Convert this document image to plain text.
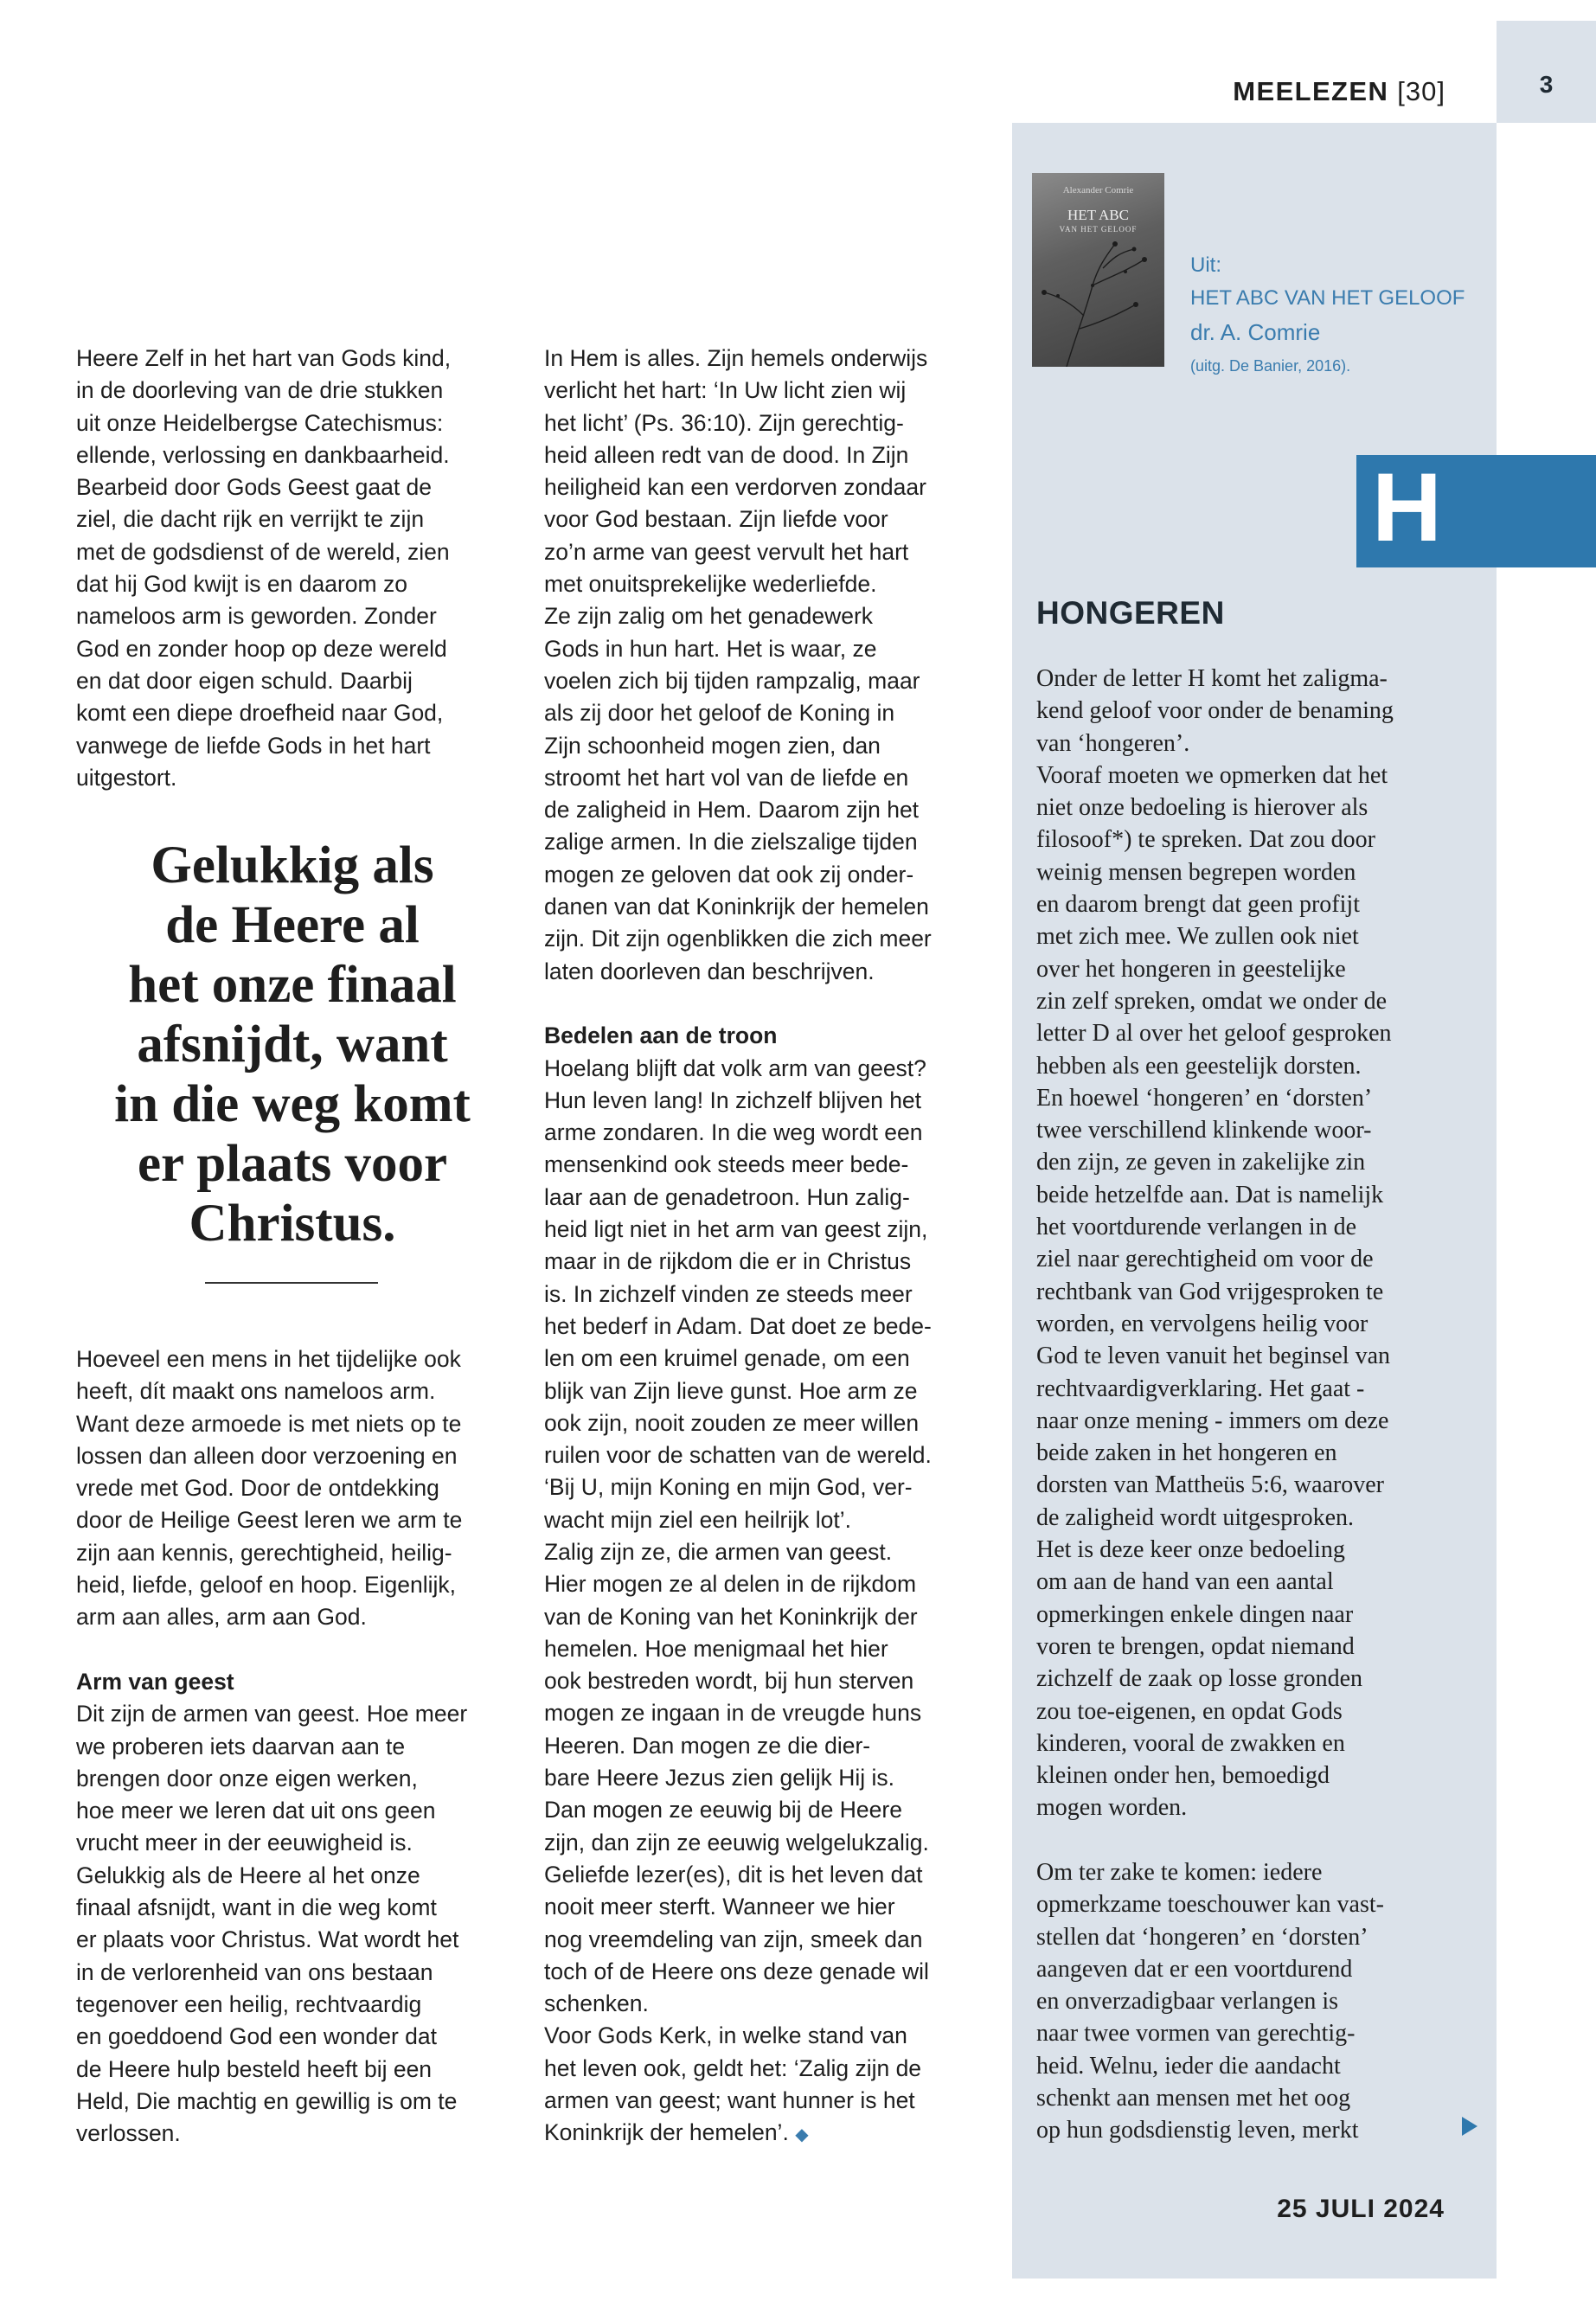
3
MEELEZEN [30]
Alexander Comrie
HET ABC
VAN HET GELOOF
Uit:
HET ABC VAN HET GELOOF
dr. A. Comrie
(uitg. De Banier, 2016).
H
Heere Zelf in het hart van Gods kind,
in de doorleving van de drie stukken
uit onze Heidelbergse Catechismus:
ellende, verlossing en dankbaarheid.
Bearbeid door Gods Geest gaat de
ziel, die dacht rijk en verrijkt te zijn
met de godsdienst of de wereld, zien
dat hij God kwijt is en daarom zo
nameloos arm is geworden. Zonder
God en zonder hoop op deze wereld
en dat door eigen schuld. Daarbij
komt een diepe droefheid naar God,
vanwege de liefde Gods in het hart
uitgestort.
Gelukkig als
de Heere al
het onze finaal
afsnijdt, want
in die weg komt
er plaats voor
Christus.
Hoeveel een mens in het tijdelijke ook
heeft, dít maakt ons nameloos arm.
Want deze armoede is met niets op te
lossen dan alleen door verzoening en
vrede met God. Door de ontdekking
door de Heilige Geest leren we arm te
zijn aan kennis, gerechtigheid, heilig-
heid, liefde, geloof en hoop. Eigenlijk,
arm aan alles, arm aan God.
Arm van geest
Dit zijn de armen van geest. Hoe meer
we proberen iets daarvan aan te
brengen door onze eigen werken,
hoe meer we leren dat uit ons geen
vrucht meer in der eeuwigheid is.
Gelukkig als de Heere al het onze
finaal afsnijdt, want in die weg komt
er plaats voor Christus. Wat wordt het
in de verlorenheid van ons bestaan
tegenover een heilig, rechtvaardig
en goeddoend God een wonder dat
de Heere hulp besteld heeft bij een
Held, Die machtig en gewillig is om te
verlossen.
In Hem is alles. Zijn hemels onderwijs
verlicht het hart: ‘In Uw licht zien wij
het licht’ (Ps. 36:10). Zijn gerechtig-
heid alleen redt van de dood. In Zijn
heiligheid kan een verdorven zondaar
voor God bestaan. Zijn liefde voor
zo’n arme van geest vervult het hart
met onuitsprekelijke wederliefde.
Ze zijn zalig om het genadewerk
Gods in hun hart. Het is waar, ze
voelen zich bij tijden rampzalig, maar
als zij door het geloof de Koning in
Zijn schoonheid mogen zien, dan
stroomt het hart vol van de liefde en
de zaligheid in Hem. Daarom zijn het
zalige armen. In die zielszalige tijden
mogen ze geloven dat ook zij onder-
danen van dat Koninkrijk der hemelen
zijn. Dit zijn ogenblikken die zich meer
laten doorleven dan beschrijven.
Bedelen aan de troon
Hoelang blijft dat volk arm van geest?
Hun leven lang! In zichzelf blijven het
arme zondaren. In die weg wordt een
mensenkind ook steeds meer bede-
laar aan de genadetroon. Hun zalig-
heid ligt niet in het arm van geest zijn,
maar in de rijkdom die er in Christus
is. In zichzelf vinden ze steeds meer
het bederf in Adam. Dat doet ze bede-
len om een kruimel genade, om een
blijk van Zijn lieve gunst. Hoe arm ze
ook zijn, nooit zouden ze meer willen
ruilen voor de schatten van de wereld.
‘Bij U, mijn Koning en mijn God, ver-
wacht mijn ziel een heilrijk lot’.
Zalig zijn ze, die armen van geest.
Hier mogen ze al delen in de rijkdom
van de Koning van het Koninkrijk der
hemelen. Hoe menigmaal het hier
ook bestreden wordt, bij hun sterven
mogen ze ingaan in de vreugde huns
Heeren. Dan mogen ze die dier-
bare Heere Jezus zien gelijk Hij is.
Dan mogen ze eeuwig bij de Heere
zijn, dan zijn ze eeuwig welgelukzalig.
Geliefde lezer(es), dit is het leven dat
nooit meer sterft. Wanneer we hier
nog vreemdeling van zijn, smeek dan
toch of de Heere ons deze genade wil
schenken.
Voor Gods Kerk, in welke stand van
het leven ook, geldt het: ‘Zalig zijn de
armen van geest; want hunner is het
Koninkrijk der hemelen’. ◆
HONGEREN
Onder de letter H komt het zaligma-
kend geloof voor onder de benaming
van ‘hongeren’.
Vooraf moeten we opmerken dat het
niet onze bedoeling is hierover als
filosoof*) te spreken. Dat zou door
weinig mensen begrepen worden
en daarom brengt dat geen profijt
met zich mee. We zullen ook niet
over het hongeren in geestelijke
zin zelf spreken, omdat we onder de
letter D al over het geloof gesproken
hebben als een geestelijk dorsten.
En hoewel ‘hongeren’ en ‘dorsten’
twee verschillend klinkende woor-
den zijn, ze geven in zakelijke zin
beide hetzelfde aan. Dat is namelijk
het voortdurende verlangen in de
ziel naar gerechtigheid om voor de
rechtbank van God vrijgesproken te
worden, en vervolgens heilig voor
God te leven vanuit het beginsel van
rechtvaardigverklaring. Het gaat -
naar onze mening - immers om deze
beide zaken in het hongeren en
dorsten van Mattheüs 5:6, waarover
de zaligheid wordt uitgesproken.
Het is deze keer onze bedoeling
om aan de hand van een aantal
opmerkingen enkele dingen naar
voren te brengen, opdat niemand
zichzelf de zaak op losse gronden
zou toe-eigenen, en opdat Gods
kinderen, vooral de zwakken en
kleinen onder hen, bemoedigd
mogen worden.
Om ter zake te komen: iedere
opmerkzame toeschouwer kan vast-
stellen dat ‘hongeren’ en ‘dorsten’
aangeven dat er een voortdurend
en onverzadigbaar verlangen is
naar twee vormen van gerechtig-
heid. Welnu, ieder die aandacht
schenkt aan mensen met het oog
op hun godsdienstig leven, merkt
25 JULI 2024
